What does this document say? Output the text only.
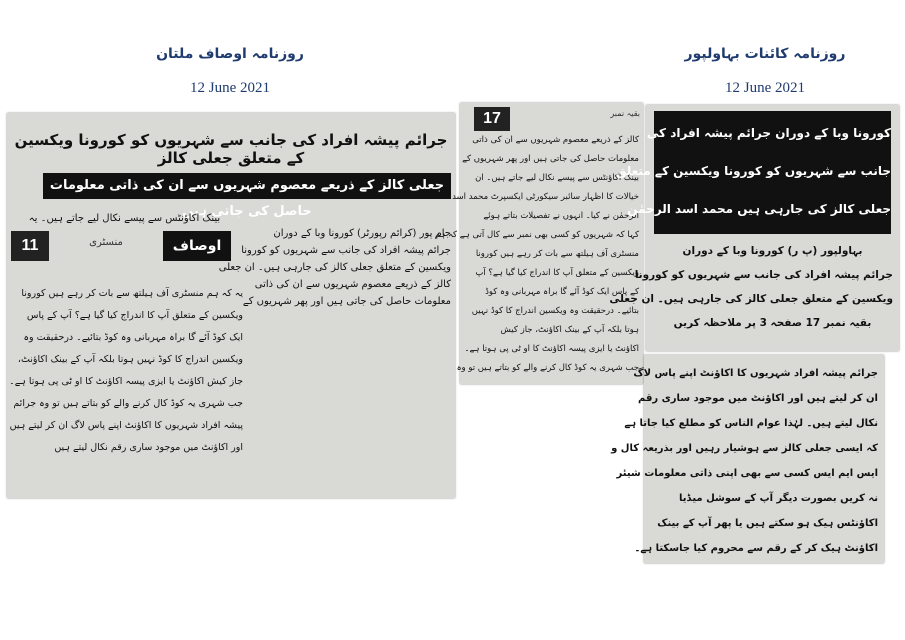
روزنامہ اوصاف ملتان
12 June 2021
روزنامہ کائنات بہاولپور
12 June 2021
جرائم پیشہ افراد کی جانب سے شہریوں کو کورونا ویکسین کے متعلق جعلی کالز
جعلی کالز کے ذریعے معصوم شہریوں سے ان کی ذاتی معلومات حاصل کی جاتی ہیں
بینک اکاؤنٹس سے پیسے نکال لیے جاتے ہیں۔ یہ
11	منسٹری	اوصاف
جام پور (کرائم رپورٹر) کورونا وبا کے دوران
جرائم پیشہ افراد کی جانب سے شہریوں کو کورونا
ویکسین کے متعلق جعلی کالز کی جارہی ہیں۔ ان جعلی
کالز کے ذریعے معصوم شہریوں سے ان کی ذاتی
معلومات حاصل کی جاتی ہیں اور پھر شہریوں کے
یہ کہ ہم منسٹری آف ہیلتھ سے بات کر رہے ہیں کورونا
ویکسین کے متعلق آپ کا اندراج کیا گیا ہے؟ آپ کے پاس
ایک کوڈ آئے گا براہ مہربانی وہ کوڈ بتائیے۔ درحقیقت وہ
ویکسین اندراج کا کوڈ نہیں ہوتا بلکہ آپ کے بینک اکاؤنٹ،
جاز کیش اکاؤنٹ یا ایزی پیسہ اکاؤنٹ کا او ٹی پی ہوتا ہے۔
جب شہری یہ کوڈ کال کرنے والے کو بتاتے ہیں تو وہ جرائم
پیشہ افراد شہریوں کا اکاؤنٹ اپنے پاس لاگ ان کر لیتے ہیں
اور اکاؤنٹ میں موجود ساری رقم نکال لیتے ہیں
17	بقیہ نمبر
کالز کے ذریعے معصوم شہریوں سے ان کی ذاتی
معلومات حاصل کی جاتی ہیں اور پھر شہریوں کے
بینک اکاؤنٹس سے پیسے نکال لیے جاتے ہیں۔ ان
خیالات کا اظہار سائبر سیکورٹی ایکسپرٹ محمد اسد
الرحمٰن نے کیا۔ انہوں نے تفصیلات بتاتے ہوئے
کہا کہ شہریوں کو کسی بھی نمبر سے کال آتی ہے کہ ہم
منسٹری آف ہیلتھ سے بات کر رہے ہیں کورونا
ویکسین کے متعلق آپ کا اندراج کیا گیا ہے؟ آپ
کے پاس ایک کوڈ آئے گا براہ مہربانی وہ کوڈ
بتائیے۔ درحقیقت وہ ویکسین اندراج کا کوڈ نہیں
ہوتا بلکہ آپ کے بینک اکاؤنٹ، جاز کیش
اکاؤنٹ یا ایزی پیسہ اکاؤنٹ کا او ٹی پی ہوتا ہے۔
جب شہری یہ کوڈ کال کرنے والے کو بتاتے ہیں تو وہ
کورونا وبا کے دوران جرائم پیشہ افراد کی
جانب سے شہریوں کو کورونا ویکسین کے متعلق
جعلی کالز کی جارہی ہیں محمد اسد الرحمٰن
بہاولپور (پ ر) کورونا وبا کے دوران
جرائم پیشہ افراد کی جانب سے شہریوں کو کورونا
ویکسین کے متعلق جعلی کالز کی جارہی ہیں۔ ان جعلی
بقیہ نمبر 17 صفحہ 3 پر ملاحظہ کریں
جرائم پیشہ افراد شہریوں کا اکاؤنٹ اپنے پاس لاگ
ان کر لیتے ہیں اور اکاؤنٹ میں موجود ساری رقم
نکال لیتے ہیں۔ لہٰذا عوام الناس کو مطلع کیا جاتا ہے
کہ ایسی جعلی کالز سے ہوشیار رہیں اور بذریعہ کال و
ایس ایم ایس کسی سے بھی اپنی ذاتی معلومات شیئر
نہ کریں بصورت دیگر آپ کے سوشل میڈیا
اکاؤنٹس ہیک ہو سکتے ہیں یا پھر آپ کے بینک
اکاؤنٹ ہیک کر کے رقم سے محروم کیا جاسکتا ہے۔
